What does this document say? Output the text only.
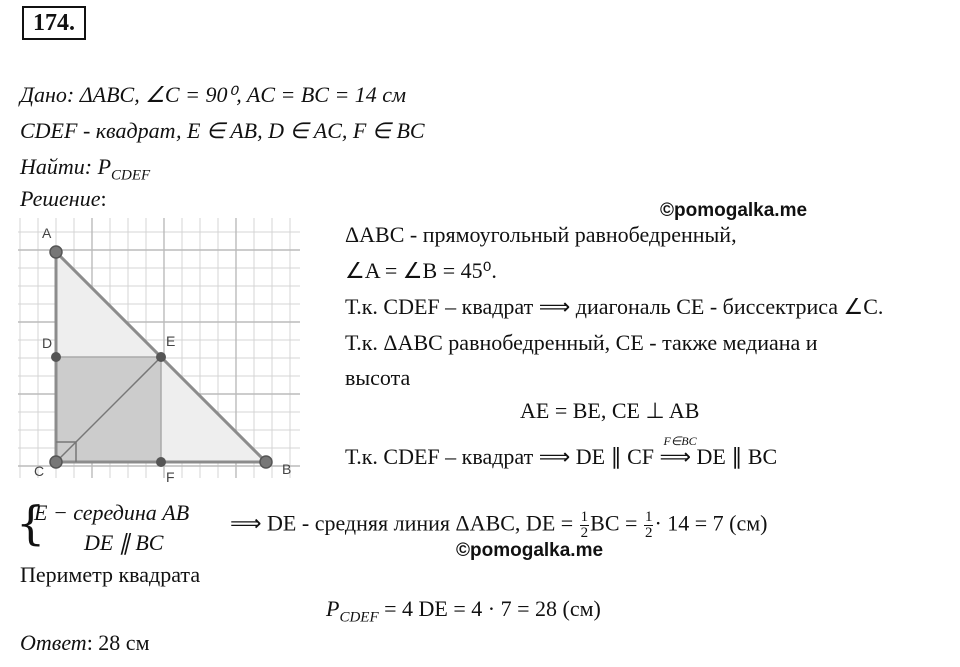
174.
Дано: ΔABC, ∠C = 90⁰, AC = BC = 14 см
CDEF - квадрат, E ∈ AB, D ∈ AC, F ∈ BC
Найти: $P_{CDEF}$
Решение:	©pomogalka.me
A
B
C
D	E
F
ΔABC - прямоугольный равнобедренный,
∠A = ∠B = 45⁰.
Т.к. CDEF – квадрат ⟹ диагональ CE - биссектриса ∠C.
Т.к. ΔABC равнобедренный, CE - также медиана и
высота
AE = BE, CE ⊥ AB
Т.к. CDEF – квадрат ⟹ DE ∥ CF
F∈BC
⟹ DE ∥ BC
{
E − середина AB
DE ∥ BC
⟹ DE - средняя линия ΔABC, DE = $\frac{1}{2}$ BC = $\frac{1}{2} \cdot 14 = 7$ (см)
©pomogalka.me
Периметр квадрата
$P_{CDEF} = 4$ DE = 4 · 7 = 28 (см)
Ответ: 28 см
